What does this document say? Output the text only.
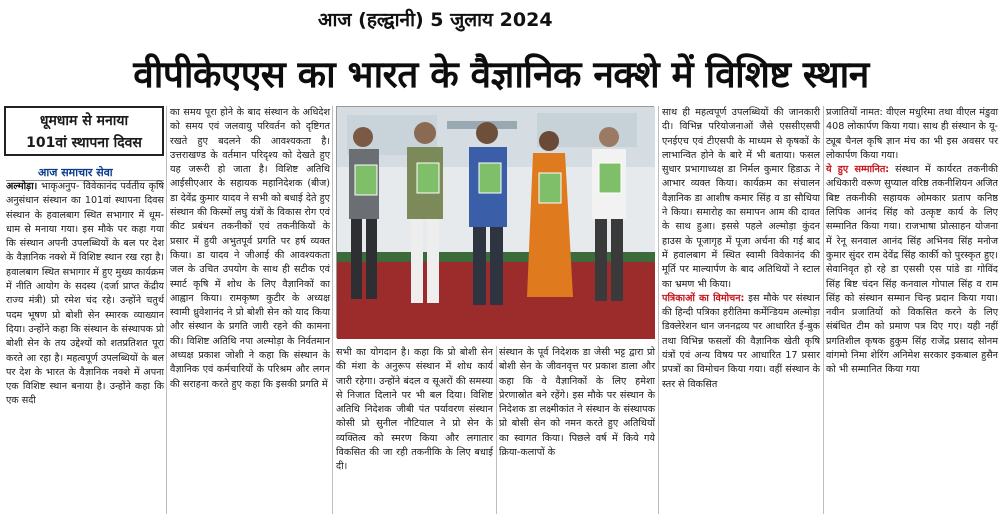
आज (हल्द्वानी) 5 जुलाय 2024
वीपीकेएएस का भारत के वैज्ञानिक नक्शे में विशिष्ट स्थान
धूमधाम से मनाया
101वां स्थापना दिवस
आज समाचार सेवा
अल्मोड़ा। भाकृअनुप- विवेकानंद पर्वतीय कृषि अनुसंधान संस्थान का 101वां स्थापना दिवस संस्थान के हवालबाग स्थित सभागार में धूम-धाम से मनाया गया। इस मौके पर कहा गया कि संस्थान अपनी उपलब्धियों के बल पर देश के वैज्ञानिक नक्शे में विशिष्ट स्थान रख रहा है। हवालबाग स्थित सभागार में हुए मुख्य कार्यक्रम में नीति आयोग के सदस्य (दर्जा प्राप्त केंद्रीय राज्य मंत्री) प्रो रमेश चंद रहे। उन्होंने चतुर्थ पदम भूषण प्रो बोशी सेन स्मारक व्याख्यान दिया। उन्होंने कहा कि संस्थान के संस्थापक प्रो बोशी सेन के तय उद्देश्यों को शतप्रतिशत पूरा करते आ रहा है। महत्वपूर्ण उपलब्धियों के बल पर देश के भारत के वैज्ञानिक नक्शे में अपना एक विशिष्ट स्थान बनाया है। उन्होंने कहा कि एक सदी
का समय पूरा होने के बाद संस्थान के अधिदेश को समय एवं जलवायु परिवर्तन को दृष्टिगत रखते हुए बदलने की आवश्यकता है। उत्तराखण्ड के वर्तमान परिदृश्य को देखते हुए यह जरूरी हो जाता है। विशिष्ट अतिथि आईसीएआर के सहायक महानिदेशक (बीज) डा देवेंद्र कुमार यादव ने सभी को बधाई देते हुए संस्थान की किस्मों लघु यंत्रों के विकास रोग एवं कीट प्रबंधन तकनीकों एवं तकनीकियों के प्रसार में हुयी अभुतपूर्व प्रगति पर हर्ष व्यक्त किया। डा यादव ने जीआई की आवश्यकता जल के उचित उपयोग के साथ ही सटीक एवं स्मार्ट कृषि में शोध के लिए वैज्ञानिकों का आह्वान किया। रामकृष्ण कुटीर के अध्यक्ष स्वामी ध्रुवेशानंद ने प्रो बोशी सेन को याद किया और संस्थान के प्रगति जारी रहने की कामना की। विशिष्ट अतिथि नपा अल्मोड़ा के निर्वतमान अध्यक्ष प्रकाश जोशी ने कहा कि संस्थान के वैज्ञानिक एवं कर्मचारियों के परिश्रम और लगन की सराहना करते हुए कहा कि इसकी प्रगति में
सभी का योगदान है। कहा कि प्रो बोशी सेन की मंशा के अनुरूप संस्थान में शोध कार्य जारी रहेगा। उन्होंने बंदल व सूअरों की समस्या से निजात दिलाने पर भी बल दिया। विशिष्ट अतिथि निदेशक जीबी पंत पर्यावरण संस्थान कोसी प्रो सुनील नौटियाल ने प्रो सेन के व्यक्तित्व को स्मरण किया और लगातार विकसित की जा रही तकनीकि के लिए बधाई दी।
संस्थान के पूर्व निदेशक डा जेसी भट्ट द्वारा प्रो बोशी सेन के जीवनवृत्त पर प्रकाश डाला और कहा कि वे वैज्ञानिकों के लिए हमेशा प्रेरणास्रोत बने रहेंगे। इस मौके पर संस्थान के निदेशक डा लक्ष्मीकांत ने संस्थान के संस्थापक प्रो बोसी सेन को नमन करते हुए अतिथियों का स्वागत किया। पिछले वर्ष में किये गये क्रिया-कलापों के
साथ ही महत्वपूर्ण उपलब्धियों की जानकारी दी। विभिन्न परियोजनाओं जैसे एससीएसपी एनईएच एवं टीएसपी के माध्यम से कृषकों के लाभान्वित होने के बारे में भी बताया। फसल सुधार प्रभागाध्यक्ष डा निर्मल कुमार हिडाऊ ने आभार व्यक्त किया। कार्यक्रम का संचालन वैज्ञानिक डा आशीष कमार सिंह व डा सौथिया ने किया। समारोह का समापन आम की दावत के साथ हुआ। इससे पहले अल्मोड़ा कुंदन हाउस के पूजागृह में पूजा अर्चना की गई बाद में हवालबाग में स्थित स्वामी विवेकानंद की मूर्ति पर माल्यार्पण के बाद अतिथियों ने स्टाल का भ्रमण भी किया।
पत्रिकाओं का विमोचन: इस मौके पर संस्थान की हिन्दी पत्रिका हरीतिमा कर्मेन्डियम अल्मोड़ा डिक्लेरेशन धान जननद्रव्य पर आधारित ई-बुक तथा विभिन्न फसलों की वैज्ञानिक खेती कृषि यंत्रों एवं अन्य विषय पर आधारित 17 प्रसार प्रपत्रों का विमोचन किया गया। वहीं संस्थान के स्तर से विकसित
प्रजातियों नामत: वीएल मधुरिमा तथा वीएल मंडुवा 408 लोकार्पण किया गया। साथ ही संस्थान के यू-ट्यूब चैनल कृषि ज्ञान मंच का भी इस अवसर पर लोकार्पण किया गया।
ये हुए सम्मानित: संस्थान में कार्यरत तकनीकी अधिकारी वरूण सुप्याल वरिष्ठ तकनीशियन अजित बिष्ट तकनीकी सहायक ओमकार प्रताप कनिष्ठ लिपिक आनंद सिंह को उत्कृष्ट कार्य के लिए सम्मानित किया गया। राजभाषा प्रोत्साहन योजना में रेनू सनवाल आनंद सिंह अभिनव सिंह मनोज कुमार सुंदर राम देवेंद्र सिंह कार्की को पुरस्कृत हुए। सेवानिवृत हो रहे डा एससी एस पांडे डा गोविंद सिंह बिष्ट चंदन सिंह कनवाल गोपाल सिंह व राम सिंह को संस्थान सम्मान चिन्ह प्रदान किया गया। नवीन प्रजातियों को विकसित करने के लिए संबंधित टीम को प्रमाण पत्र दिए गए। यही नहीं प्रगतिशील कृषक हुकुम सिंह राजेंद्र प्रसाद सोनम वांगमो निमा शेरिंग अनिमेश सरकार इकबाल हुसैन को भी सम्मानित किया गया
